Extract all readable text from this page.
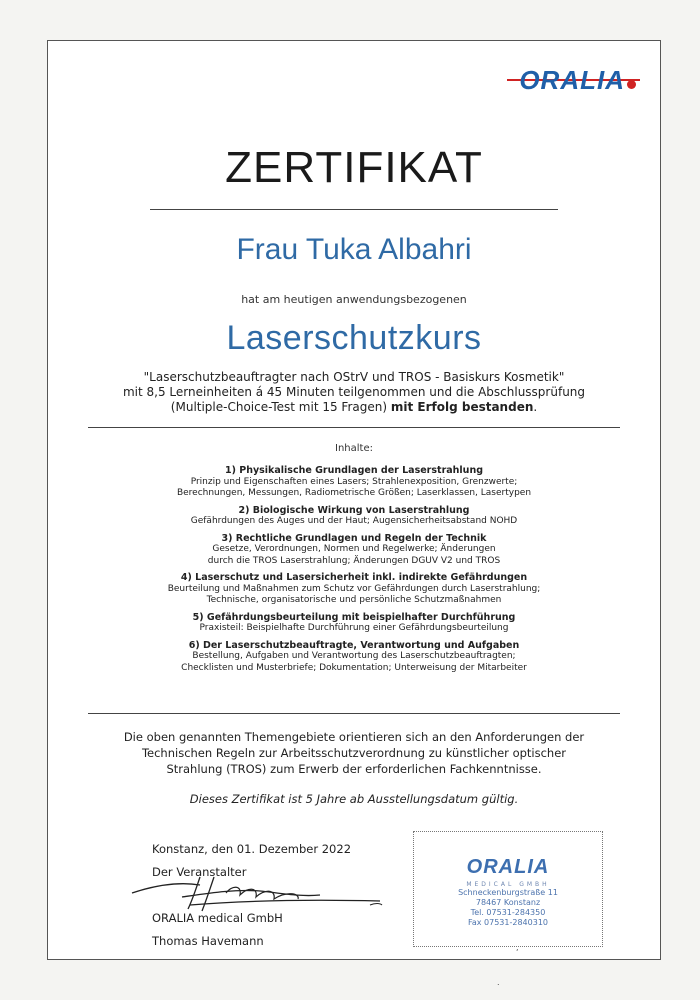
ORALIA
ZERTIFIKAT
Frau Tuka Albahri
hat am heutigen anwendungsbezogenen
Laserschutzkurs
"Laserschutzbeauftragter nach OStrV und TROS - Basiskurs Kosmetik"
mit 8,5 Lerneinheiten á 45 Minuten teilgenommen und die Abschlussprüfung
(Multiple-Choice-Test mit 15 Fragen) mit Erfolg bestanden.
Inhalte:
1) Physikalische Grundlagen der Laserstrahlung
Prinzip und Eigenschaften eines Lasers; Strahlenexposition, Grenzwerte;
Berechnungen, Messungen, Radiometrische Größen; Laserklassen, Lasertypen
2) Biologische Wirkung von Laserstrahlung
Gefährdungen des Auges und der Haut; Augensicherheitsabstand NOHD
3) Rechtliche Grundlagen und Regeln der Technik
Gesetze, Verordnungen, Normen und Regelwerke; Änderungen
durch die TROS Laserstrahlung; Änderungen DGUV V2 und TROS
4) Laserschutz und Lasersicherheit inkl. indirekte Gefährdungen
Beurteilung und Maßnahmen zum Schutz vor Gefährdungen durch Laserstrahlung;
Technische, organisatorische und persönliche Schutzmaßnahmen
5) Gefährdungsbeurteilung mit beispielhafter Durchführung
Praxisteil: Beispielhafte Durchführung einer Gefährdungsbeurteilung
6) Der Laserschutzbeauftragte, Verantwortung und Aufgaben
Bestellung, Aufgaben und Verantwortung des Laserschutzbeauftragten;
Checklisten und Musterbriefe; Dokumentation; Unterweisung der Mitarbeiter
Die oben genannten Themengebiete orientieren sich an den Anforderungen der
Technischen Regeln zur Arbeitsschutzverordnung zu künstlicher optischer
Strahlung (TROS) zum Erwerb der erforderlichen Fachkenntnisse.
Dieses Zertifikat ist 5 Jahre ab Ausstellungsdatum gültig.
Konstanz, den 01. Dezember 2022
Der Veranstalter
ORALIA medical GmbH
Thomas Havemann
ORALIA
MEDICAL GMBH
Schneckenburgstraße 11
78467 Konstanz
Tel. 07531-284350
Fax 07531-2840310
,
.
